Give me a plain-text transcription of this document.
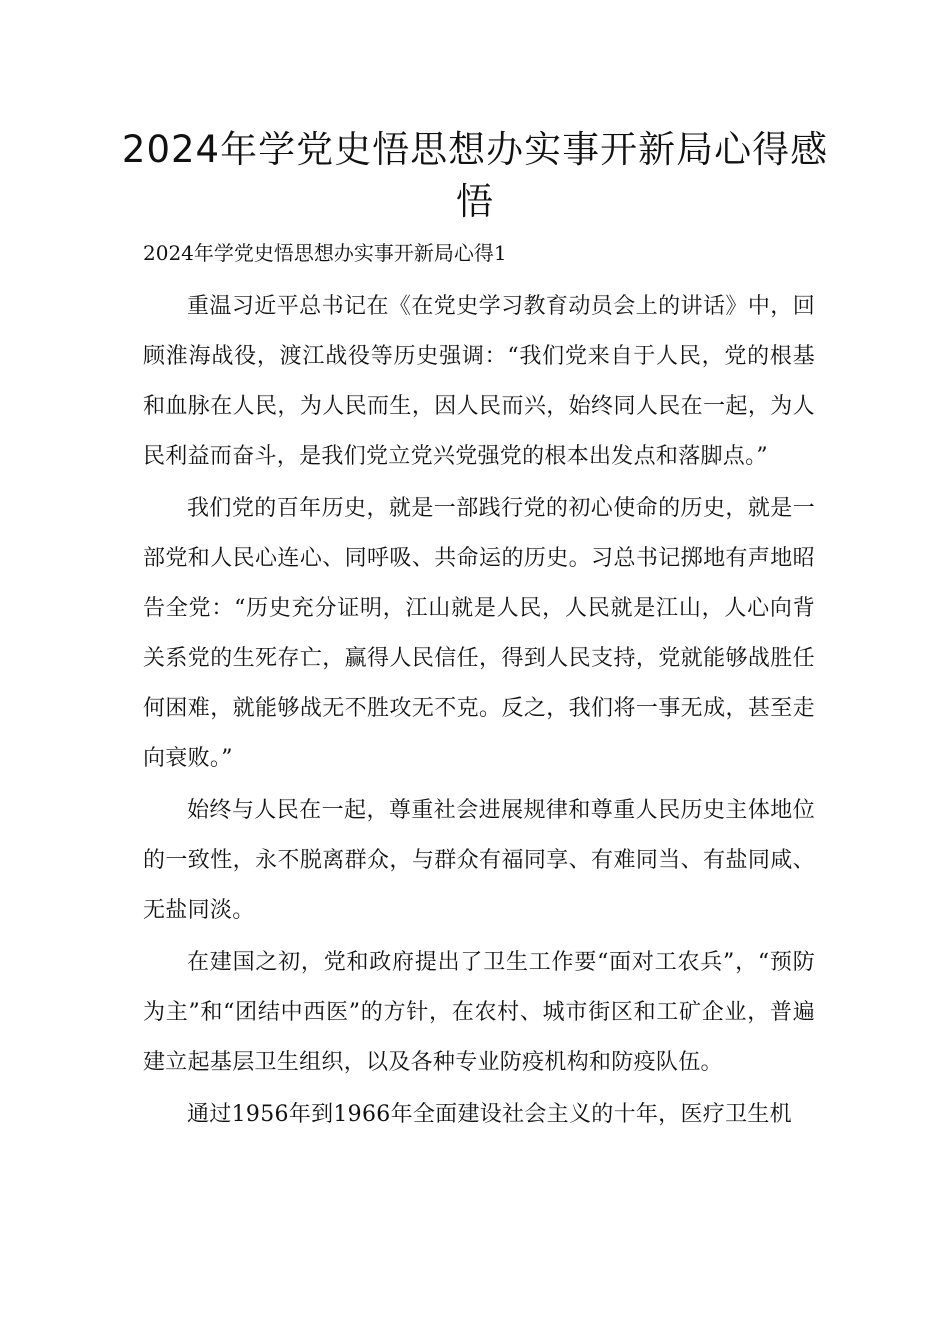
2024年学党史悟思想办实事开新局心得感悟
2024年学党史悟思想办实事开新局心得1

重温习近平总书记在《在党史学习教育动员会上的讲话》中，回顾淮海战役，渡江战役等历史强调：“我们党来自于人民，党的根基和血脉在人民，为人民而生，因人民而兴，始终同人民在一起，为人民利益而奋斗，是我们党立党兴党强党的根本出发点和落脚点。”

我们党的百年历史，就是一部践行党的初心使命的历史，就是一部党和人民心连心、同呼吸、共命运的历史。习总书记掷地有声地昭告全党：“历史充分证明，江山就是人民，人民就是江山，人心向背关系党的生死存亡，赢得人民信任，得到人民支持，党就能够战胜任何困难，就能够战无不胜攻无不克。反之，我们将一事无成，甚至走向衰败。”

始终与人民在一起，尊重社会进展规律和尊重人民历史主体地位的一致性，永不脱离群众，与群众有福同享、有难同当、有盐同咸、无盐同淡。

在建国之初，党和政府提出了卫生工作要“面对工农兵”，“预防为主”和“团结中西医”的方针，在农村、城市街区和工矿企业，普遍建立起基层卫生组织，以及各种专业防疫机构和防疫队伍。

通过1956年到1966年全面建设社会主义的十年，医疗卫生机
